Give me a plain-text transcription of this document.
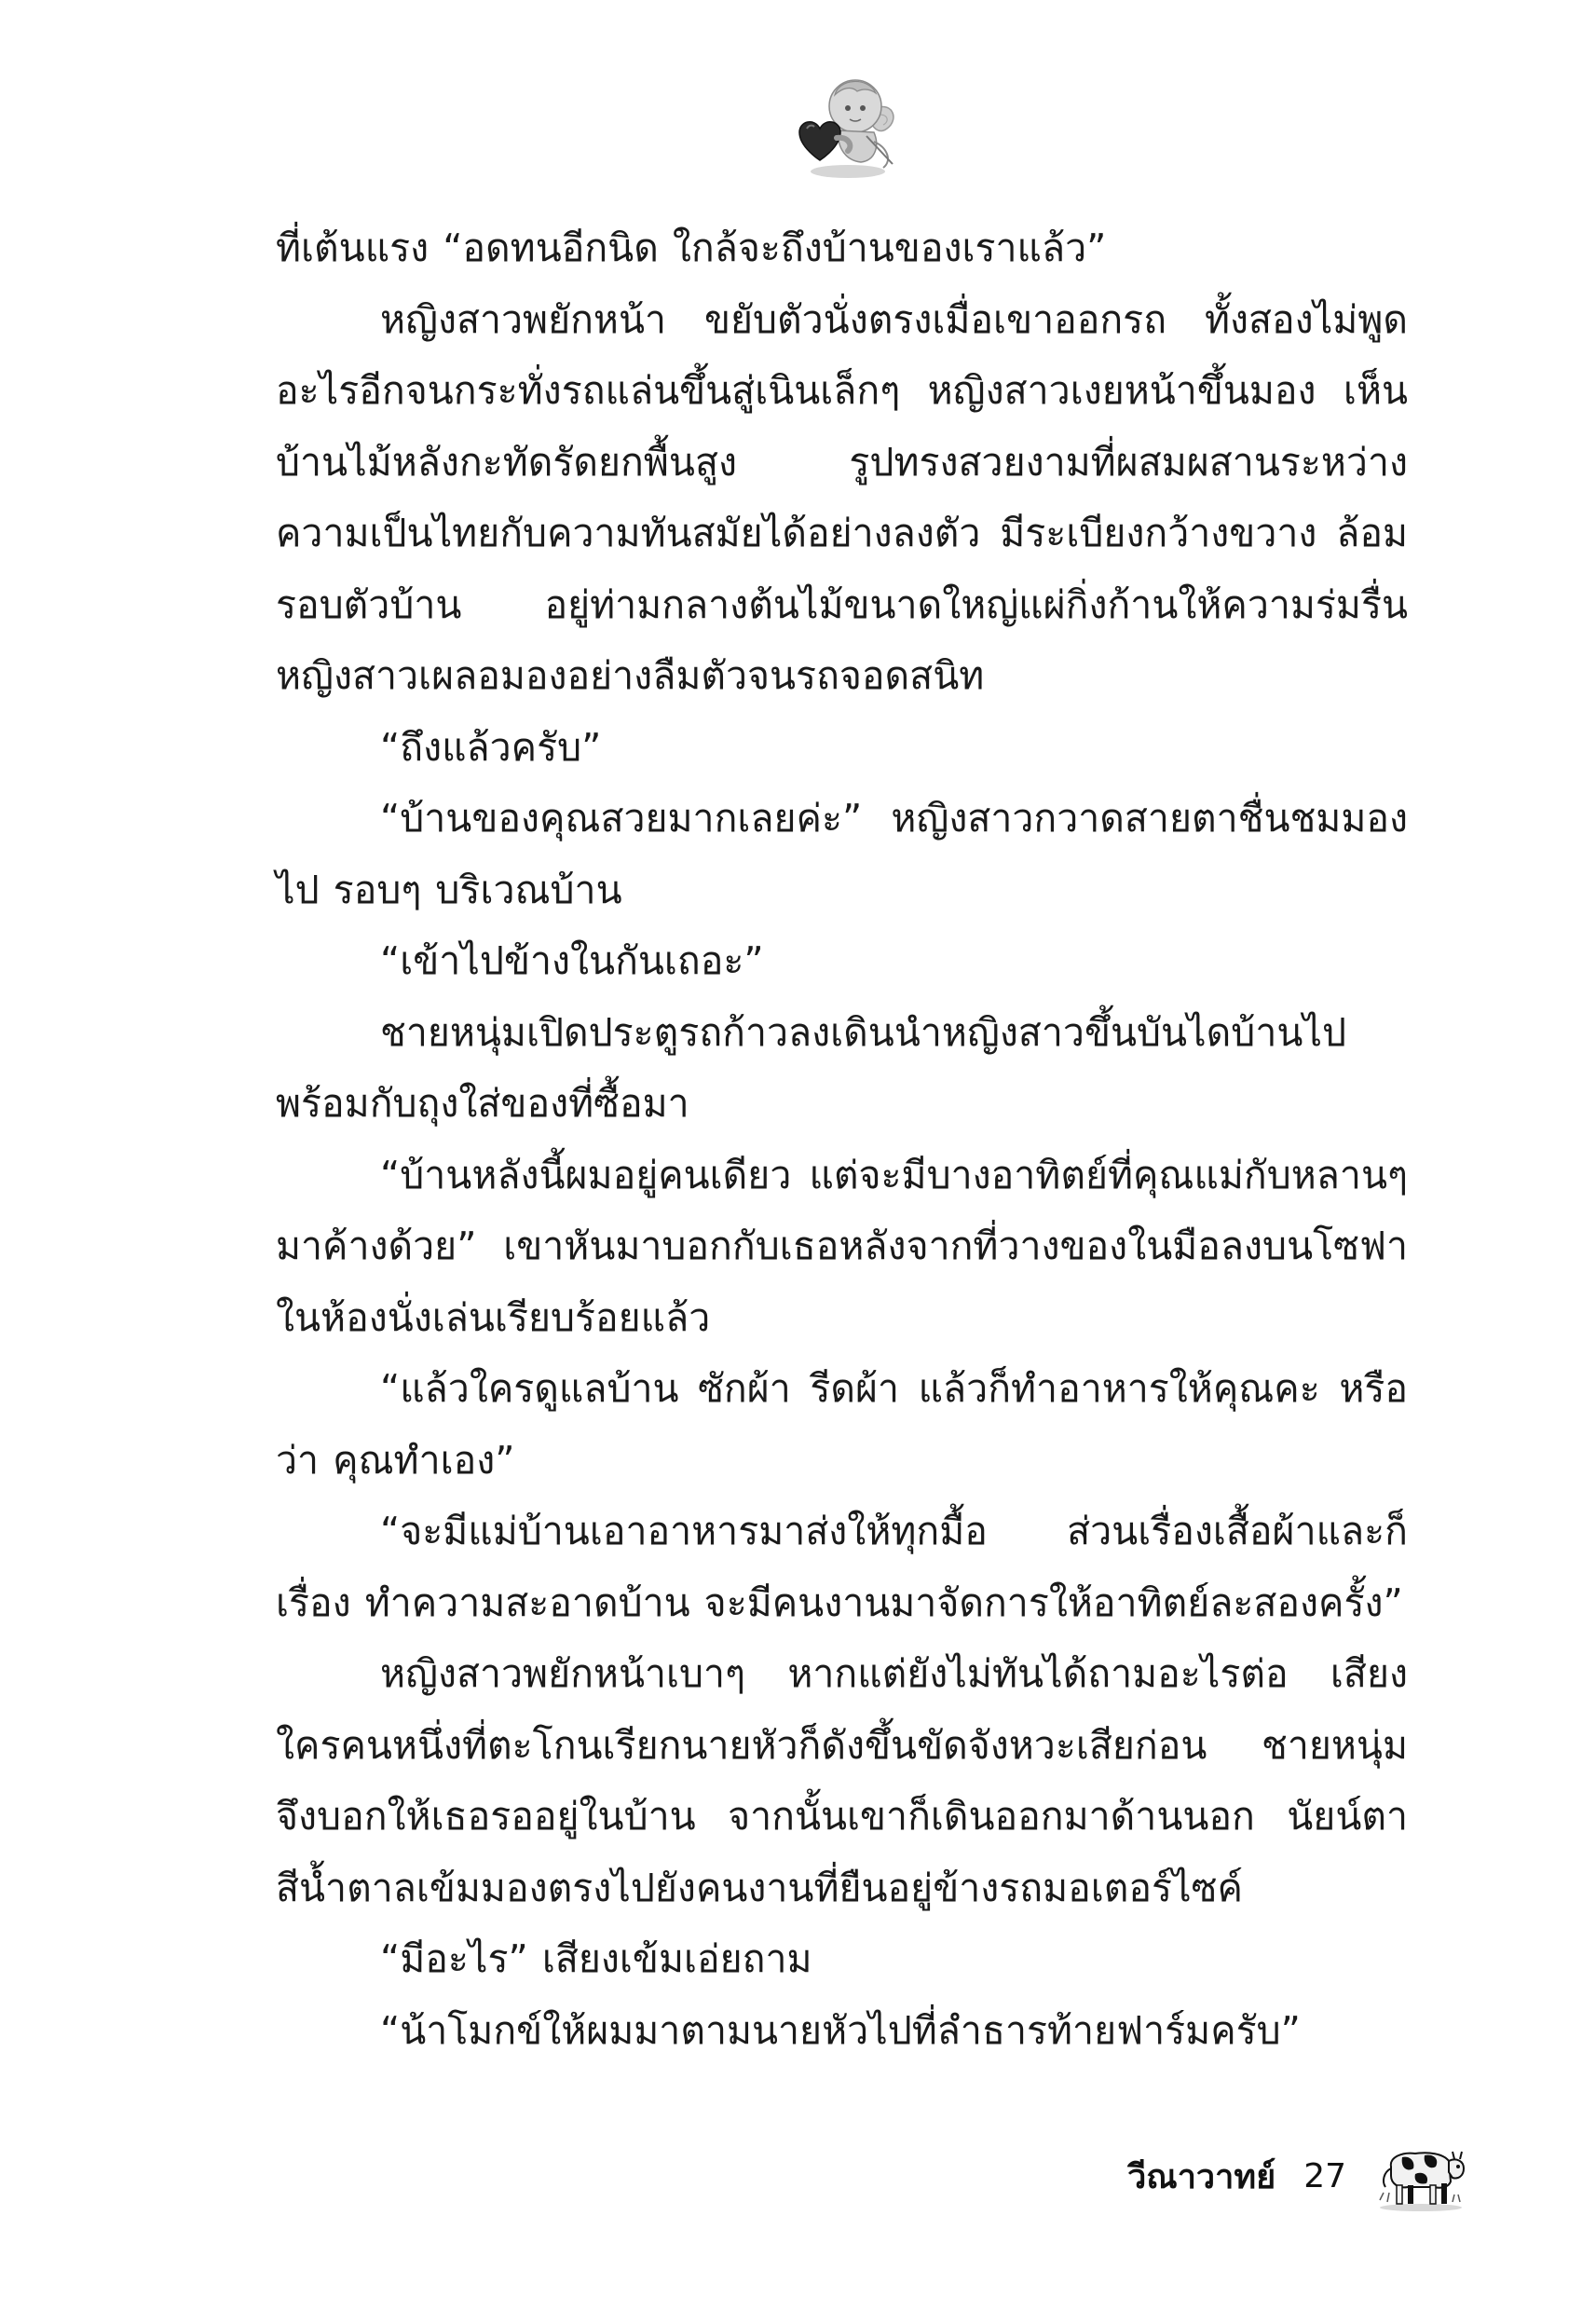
ที่เต้นแรง “อดทนอีกนิด ใกล้จะถึงบ้านของเราแล้ว”

หญิงสาวพยักหน้า ขยับตัวนั่งตรงเมื่อเขาออกรถ ทั้งสองไม่พูด อะไรอีกจนกระทั่งรถแล่นขึ้นสู่เนินเล็กๆ หญิงสาวเงยหน้าขึ้นมอง เห็น บ้านไม้หลังกะทัดรัดยกพื้นสูง รูปทรงสวยงามที่ผสมผสานระหว่าง ความเป็นไทยกับความทันสมัยได้อย่างลงตัว มีระเบียงกว้างขวาง ล้อมรอบตัวบ้าน อยู่ท่ามกลางต้นไม้ขนาดใหญ่แผ่กิ่งก้านให้ความร่มรื่น หญิงสาวเผลอมองอย่างลืมตัวจนรถจอดสนิท

“ถึงแล้วครับ”

“บ้านของคุณสวยมากเลยค่ะ” หญิงสาวกวาดสายตาชื่นชมมองไป รอบๆ บริเวณบ้าน

“เข้าไปข้างในกันเถอะ”

ชายหนุ่มเปิดประตูรถก้าวลงเดินนำหญิงสาวขึ้นบันไดบ้านไป พร้อมกับถุงใส่ของที่ซื้อมา

“บ้านหลังนี้ผมอยู่คนเดียว แต่จะมีบางอาทิตย์ที่คุณแม่กับหลานๆ มาค้างด้วย” เขาหันมาบอกกับเธอหลังจากที่วางของในมือลงบนโซฟา ในห้องนั่งเล่นเรียบร้อยแล้ว

“แล้วใครดูแลบ้าน ซักผ้า รีดผ้า แล้วก็ทำอาหารให้คุณคะ หรือว่า คุณทำเอง”

“จะมีแม่บ้านเอาอาหารมาส่งให้ทุกมื้อ ส่วนเรื่องเสื้อผ้าและก็เรื่อง ทำความสะอาดบ้าน จะมีคนงานมาจัดการให้อาทิตย์ละสองครั้ง”

หญิงสาวพยักหน้าเบาๆ หากแต่ยังไม่ทันได้ถามอะไรต่อ เสียง ใครคนหนึ่งที่ตะโกนเรียกนายหัวก็ดังขึ้นขัดจังหวะเสียก่อน ชายหนุ่ม จึงบอกให้เธอรออยู่ในบ้าน จากนั้นเขาก็เดินออกมาด้านนอก นัยน์ตา สีน้ำตาลเข้มมองตรงไปยังคนงานที่ยืนอยู่ข้างรถมอเตอร์ไซค์

“มีอะไร” เสียงเข้มเอ่ยถาม

“น้าโมกข์ให้ผมมาตามนายหัวไปที่ลำธารท้ายฟาร์มครับ”

วีณาวาทย์ 27
